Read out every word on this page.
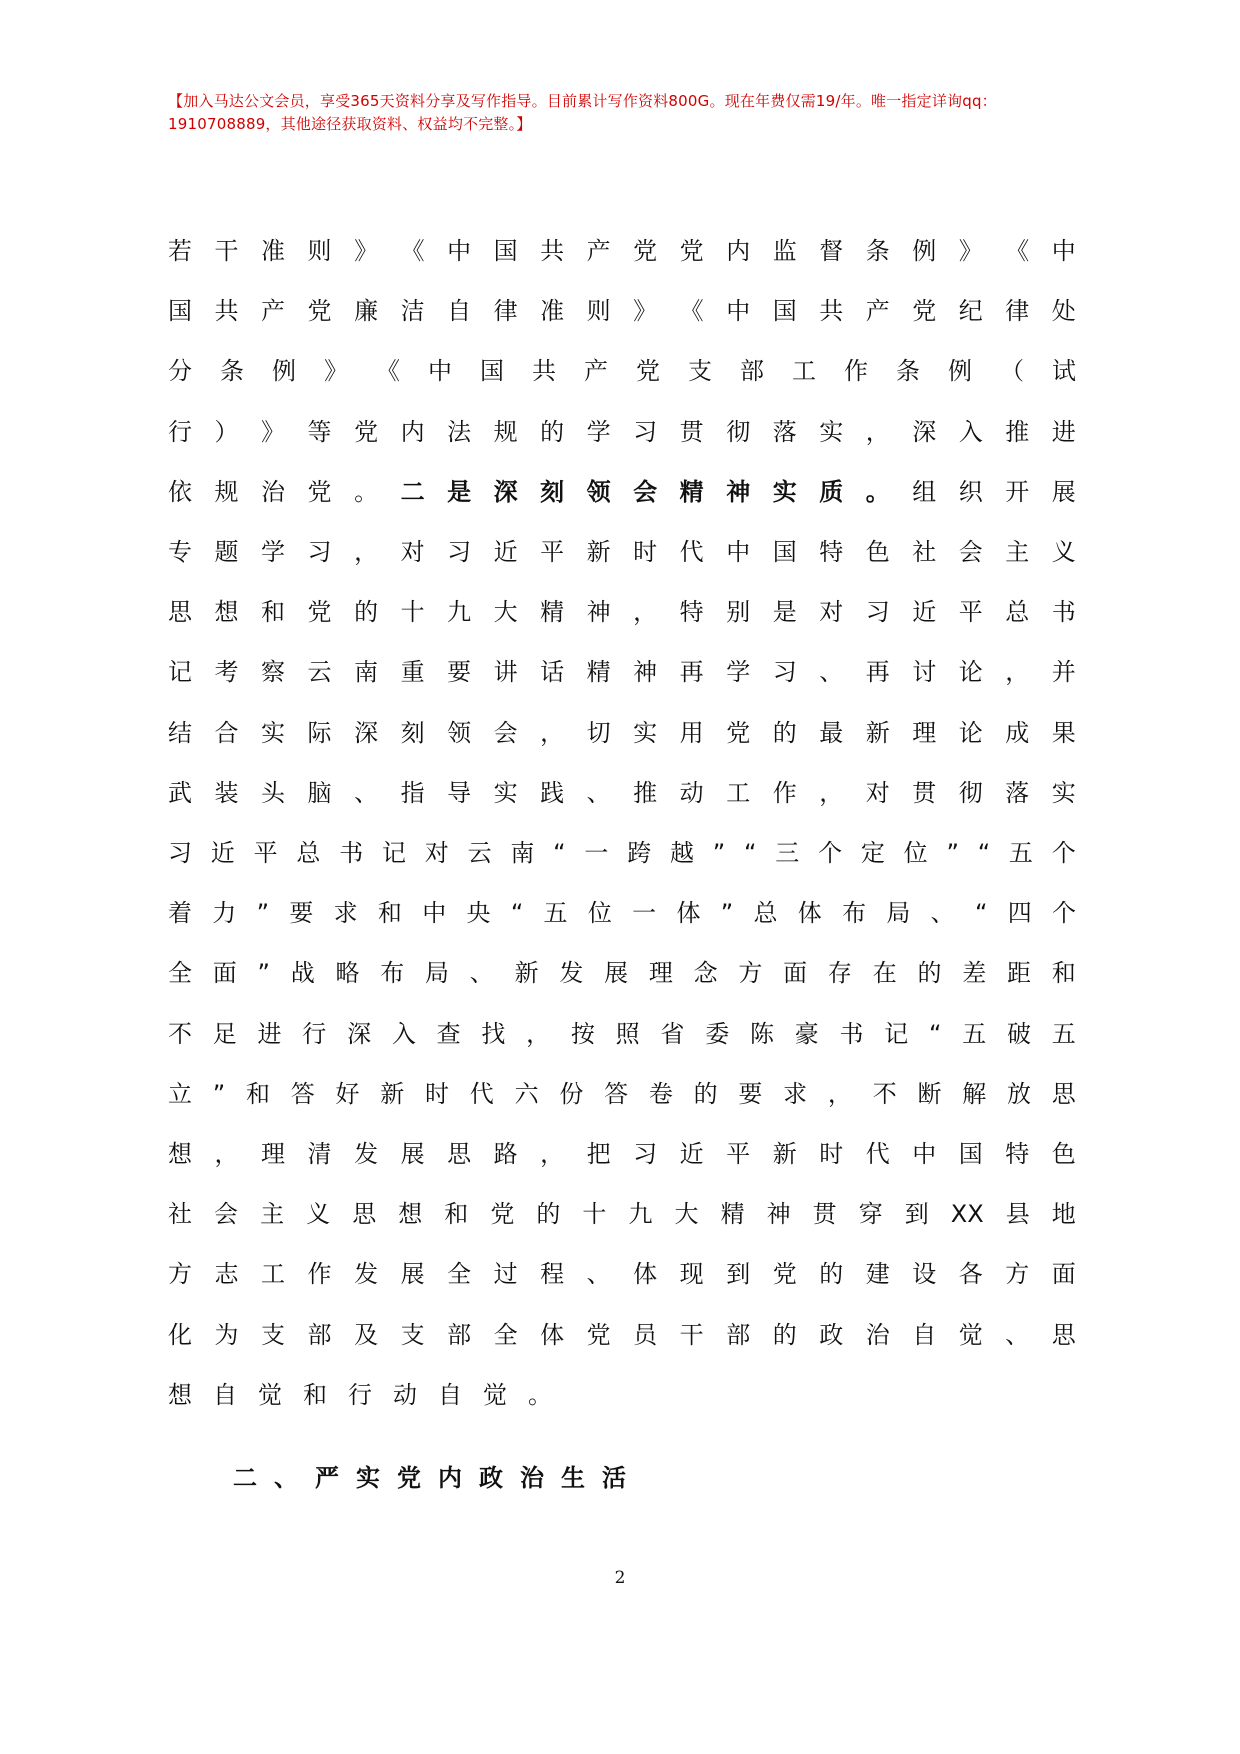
【加入马达公文会员，享受365天资料分享及写作指导。目前累计写作资料800G。现在年费仅需19/年。唯一指定详询qq：1910708889，其他途径获取资料、权益均不完整。】
若 干 准 则 》 《 中 国 共 产 党 党 内 监 督 条 例 》 《 中
国 共 产 党 廉 洁 自 律 准 则 》 《 中 国 共 产 党 纪 律 处
分 条 例 》 《 中 国 共 产 党 支 部 工 作 条 例 （ 试
行 ） 》 等 党 内 法 规 的 学 习 贯 彻 落 实 ， 深 入 推 进
依 规 治 党 。 二 是 深 刻 领 会 精 神 实 质 。 组 织 开 展
专 题 学 习 ， 对 习 近 平 新 时 代 中 国 特 色 社 会 主 义
思 想 和 党 的 十 九 大 精 神 ， 特 别 是 对 习 近 平 总 书
记 考 察 云 南 重 要 讲 话 精 神 再 学 习 、 再 讨 论 ， 并
结 合 实 际 深 刻 领 会 ， 切 实 用 党 的 最 新 理 论 成 果
武 装 头 脑 、 指 导 实 践 、 推 动 工 作 ， 对 贯 彻 落 实
习 近 平 总 书 记 对 云 南 “ 一 跨 越 ” “ 三 个 定 位 ” “ 五 个
着 力 ” 要 求 和 中 央 “ 五 位 一 体 ” 总 体 布 局 、 “ 四 个
全 面 ” 战 略 布 局 、 新 发 展 理 念 方 面 存 在 的 差 距 和
不 足 进 行 深 入 查 找 ， 按 照 省 委 陈 豪 书 记 “ 五 破 五
立 ” 和 答 好 新 时 代 六 份 答 卷 的 要 求 ， 不 断 解 放 思
想 ， 理 清 发 展 思 路 ， 把 习 近 平 新 时 代 中 国 特 色
社 会 主 义 思 想 和 党 的 十 九 大 精 神 贯 穿 到 XX 县 地
方 志 工 作 发 展 全 过 程 、 体 现 到 党 的 建 设 各 方 面
化 为 支 部 及 支 部 全 体 党 员 干 部 的 政 治 自 觉 、 思
想 自 觉 和 行 动 自 觉 。
二、严实党内政治生活
2
